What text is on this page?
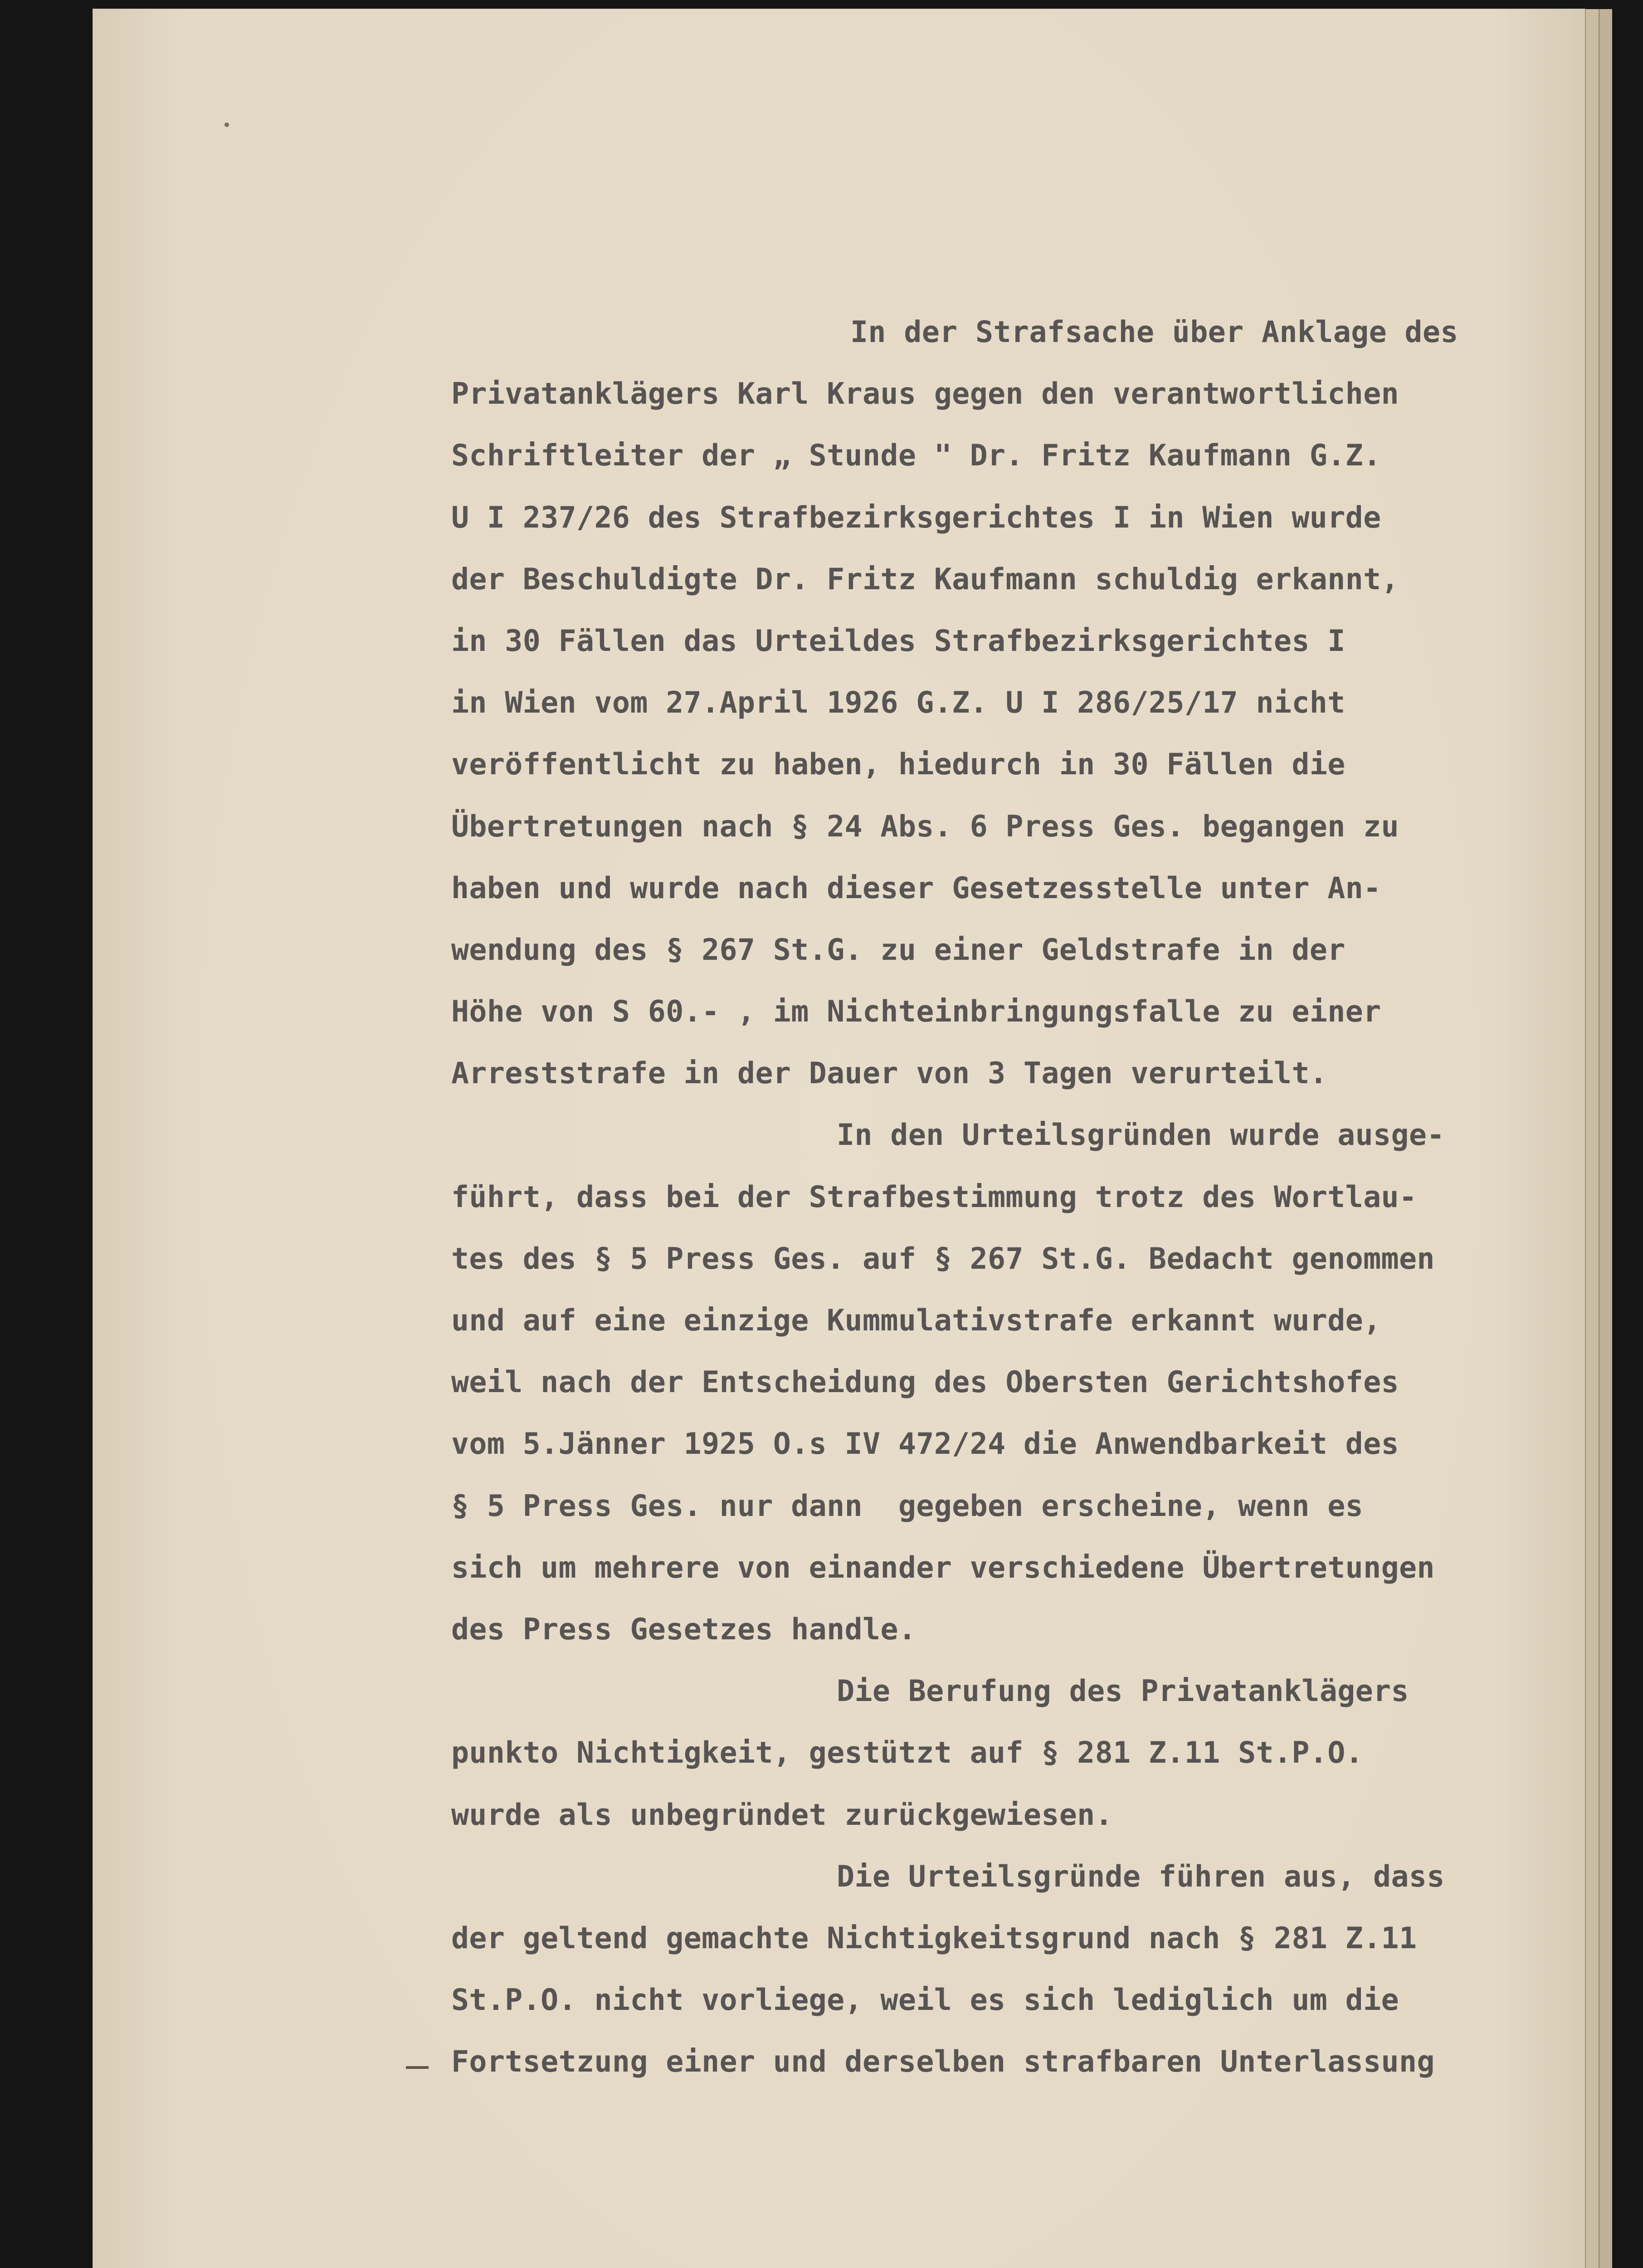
In der Strafsache über Anklage des
Privatanklägers Karl Kraus gegen den verantwortlichen
Schriftleiter der „ Stunde " Dr. Fritz Kaufmann G.Z.
U I 237/26 des Strafbezirksgerichtes I in Wien wurde
der Beschuldigte Dr. Fritz Kaufmann schuldig erkannt,
in 30 Fällen das Urteildes Strafbezirksgerichtes I
in Wien vom 27.April 1926 G.Z. U I 286/25/17 nicht
veröffentlicht zu haben, hiedurch in 30 Fällen die
Übertretungen nach § 24 Abs. 6 Press Ges. begangen zu
haben und wurde nach dieser Gesetzesstelle unter An-
wendung des § 267 St.G. zu einer Geldstrafe in der
Höhe von S 60.- , im Nichteinbringungsfalle zu einer
Arreststrafe in der Dauer von 3 Tagen verurteilt.
In den Urteilsgründen wurde ausge-
führt, dass bei der Strafbestimmung trotz des Wortlau-
tes des § 5 Press Ges. auf § 267 St.G. Bedacht genommen
und auf eine einzige Kummulativstrafe erkannt wurde,
weil nach der Entscheidung des Obersten Gerichtshofes
vom 5.Jänner 1925 O.s IV 472/24 die Anwendbarkeit des
§ 5 Press Ges. nur dann  gegeben erscheine, wenn es
sich um mehrere von einander verschiedene Übertretungen
des Press Gesetzes handle.
Die Berufung des Privatanklägers
punkto Nichtigkeit, gestützt auf § 281 Z.11 St.P.O.
wurde als unbegründet zurückgewiesen.
Die Urteilsgründe führen aus, dass
der geltend gemachte Nichtigkeitsgrund nach § 281 Z.11
St.P.O. nicht vorliege, weil es sich lediglich um die
Fortsetzung einer und derselben strafbaren Unterlassung
